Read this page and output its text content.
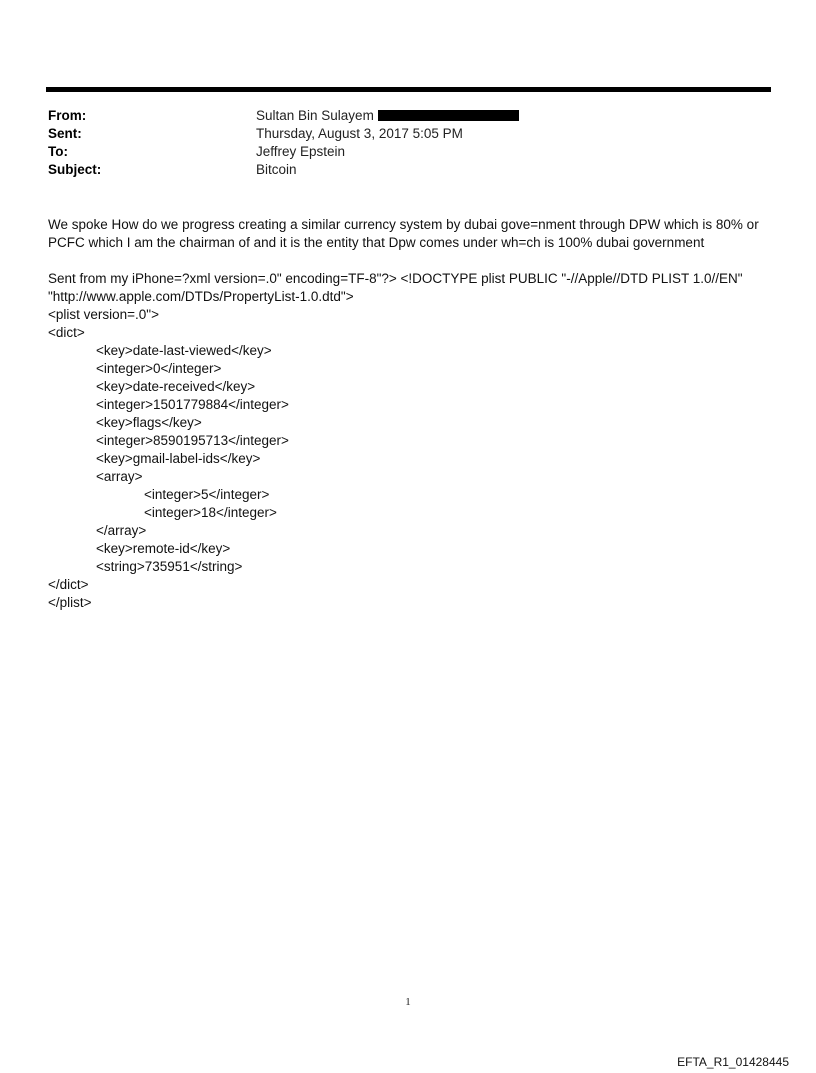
From:	Sultan Bin Sulayem
Sent:	Thursday, August 3, 2017 5:05 PM
To:	Jeffrey Epstein
Subject:	Bitcoin

We spoke How do we progress creating a similar currency system by dubai gove=nment through DPW which is 80% or

PCFC which I am the chairman of and it is the entity that Dpw comes under wh=ch is 100% dubai government

Sent from my iPhone=?xml version=.0" encoding=TF-8"?> <!DOCTYPE plist PUBLIC "-//Apple//DTD PLIST 1.0//EN"

"http://www.apple.com/DTDs/PropertyList-1.0.dtd">

<plist version=.0">

<dict>

<key>date-last-viewed</key>

<integer>0</integer>

<key>date-received</key>

<integer>1501779884</integer>

<key>flags</key>

<integer>8590195713</integer>

<key>gmail-label-ids</key>

<array>

<integer>5</integer>

<integer>18</integer>

</array>

<key>remote-id</key>

<string>735951</string>

</dict>

</plist>

1
EFTA_R1_01428445
